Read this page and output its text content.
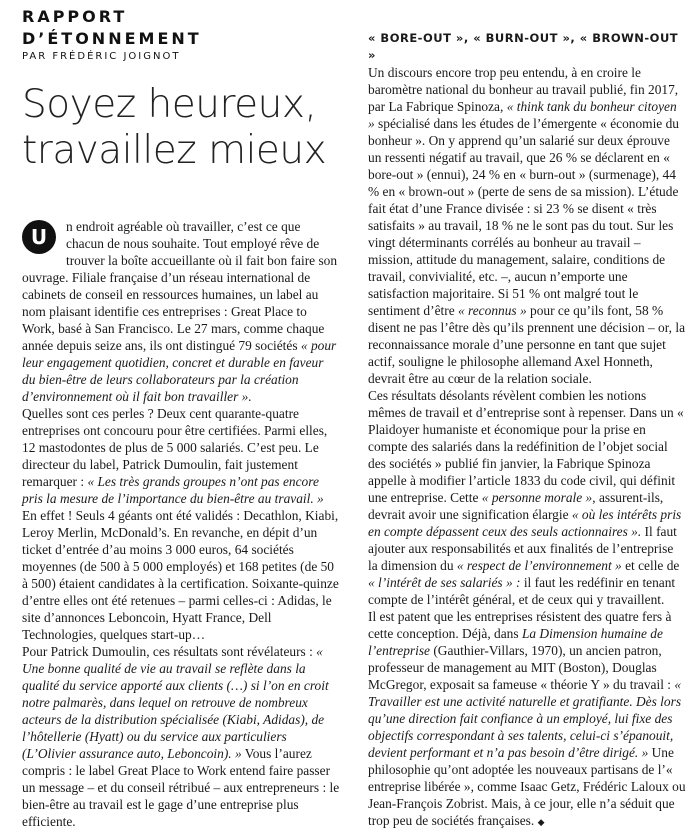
RAPPORT
D’ÉTONNEMENT
PAR FRÉDÉRIC JOIGNOT
Soyez heureux,
travaillez mieux

U	n endroit agréable où travailler, c’est ce que chacun de nous souhaite. Tout employé rêve de trouver la boîte accueillante où il fait bon faire son ouvrage. Filiale française d’un réseau international de cabinets de conseil en ressources humaines, un label au nom plaisant identifie ces entreprises : Great Place to Work, basé à San Francisco. Le 27 mars, comme chaque année depuis seize ans, ils ont distingué 79 sociétés « pour leur engagement quotidien, concret et durable en faveur du bien-être de leurs collaborateurs par la création d’environnement où il fait bon travailler ».

Quelles sont ces perles ? Deux cent quarante-quatre entreprises ont concouru pour être certifiées. Parmi elles, 12 mastodontes de plus de 5 000 salariés. C’est peu. Le directeur du label, Patrick Dumoulin, fait justement remarquer : « Les très grands groupes n’ont pas encore pris la mesure de l’importance du bien-être au travail. » En effet ! Seuls 4 géants ont été validés : Decathlon, Kiabi, Leroy Merlin, McDonald’s. En revanche, en dépit d’un ticket d’entrée d’au moins 3 000 euros, 64 sociétés moyennes (de 500 à 5 000 employés) et 168 petites (de 50 à 500) étaient candidates à la certification. Soixante-quinze d’entre elles ont été retenues – parmi celles-ci : Adidas, le site d’annonces Leboncoin, Hyatt France, Dell Technologies, quelques start-up…

Pour Patrick Dumoulin, ces résultats sont révélateurs : « Une bonne qualité de vie au travail se reflète dans la qualité du service apporté aux clients (…) si l’on en croit notre palmarès, dans lequel on retrouve de nombreux acteurs de la distribution spécialisée (Kiabi, Adidas), de l’hôtellerie (Hyatt) ou du service aux particuliers (L’Olivier assurance auto, Leboncoin). » Vous l’aurez compris : le label Great Place to Work entend faire passer un message – et du conseil rétribué – aux entrepreneurs : le bien-être au travail est le gage d’une entreprise plus efficiente.

« BORE-OUT », « BURN-OUT », « BROWN-OUT »

Un discours encore trop peu entendu, à en croire le baromètre national du bonheur au travail publié, fin 2017, par La Fabrique Spinoza, « think tank du bonheur citoyen » spécialisé dans les études de l’émergente « économie du bonheur ». On y apprend qu’un salarié sur deux éprouve un ressenti négatif au travail, que 26 % se déclarent en « bore-out » (ennui), 24 % en « burn-out » (surmenage), 44 % en « brown-out » (perte de sens de sa mission). L’étude fait état d’une France divisée : si 23 % se disent « très satisfaits » au travail, 18 % ne le sont pas du tout. Sur les vingt déterminants corrélés au bonheur au travail – mission, attitude du management, salaire, conditions de travail, convivialité, etc. –, aucun n’emporte une satisfaction majoritaire. Si 51 % ont malgré tout le sentiment d’être « reconnus » pour ce qu’ils font, 58 % disent ne pas l’être dès qu’ils prennent une décision – or, la reconnaissance morale d’une personne en tant que sujet actif, souligne le philosophe allemand Axel Honneth, devrait être au cœur de la relation sociale.

Ces résultats désolants révèlent combien les notions mêmes de travail et d’entreprise sont à repenser. Dans un « Plaidoyer humaniste et économique pour la prise en compte des salariés dans la redéfinition de l’objet social des sociétés » publié fin janvier, la Fabrique Spinoza appelle à modifier l’article 1833 du code civil, qui définit une entreprise. Cette « personne morale », assurent-ils, devrait avoir une signification élargie « où les intérêts pris en compte dépassent ceux des seuls actionnaires ». Il faut ajouter aux responsabilités et aux finalités de l’entreprise la dimension du « respect de l’environnement » et celle de « l’intérêt de ses salariés » : il faut les redéfinir en tenant compte de l’intérêt général, et de ceux qui y travaillent.

Il est patent que les entreprises résistent des quatre fers à cette conception. Déjà, dans La Dimension humaine de l’entreprise (Gauthier-Villars, 1970), un ancien patron, professeur de management au MIT (Boston), Douglas McGregor, exposait sa fameuse « théorie Y » du travail : « Travailler est une activité naturelle et gratifiante. Dès lors qu’une direction fait confiance à un employé, lui fixe des objectifs correspondant à ses talents, celui-ci s’épanouit, devient performant et n’a pas besoin d’être dirigé. » Une philosophie qu’ont adoptée les nouveaux partisans de l’« entreprise libérée », comme Isaac Getz, Frédéric Laloux ou Jean-François Zobrist. Mais, à ce jour, elle n’a séduit que trop peu de sociétés françaises. ◆
